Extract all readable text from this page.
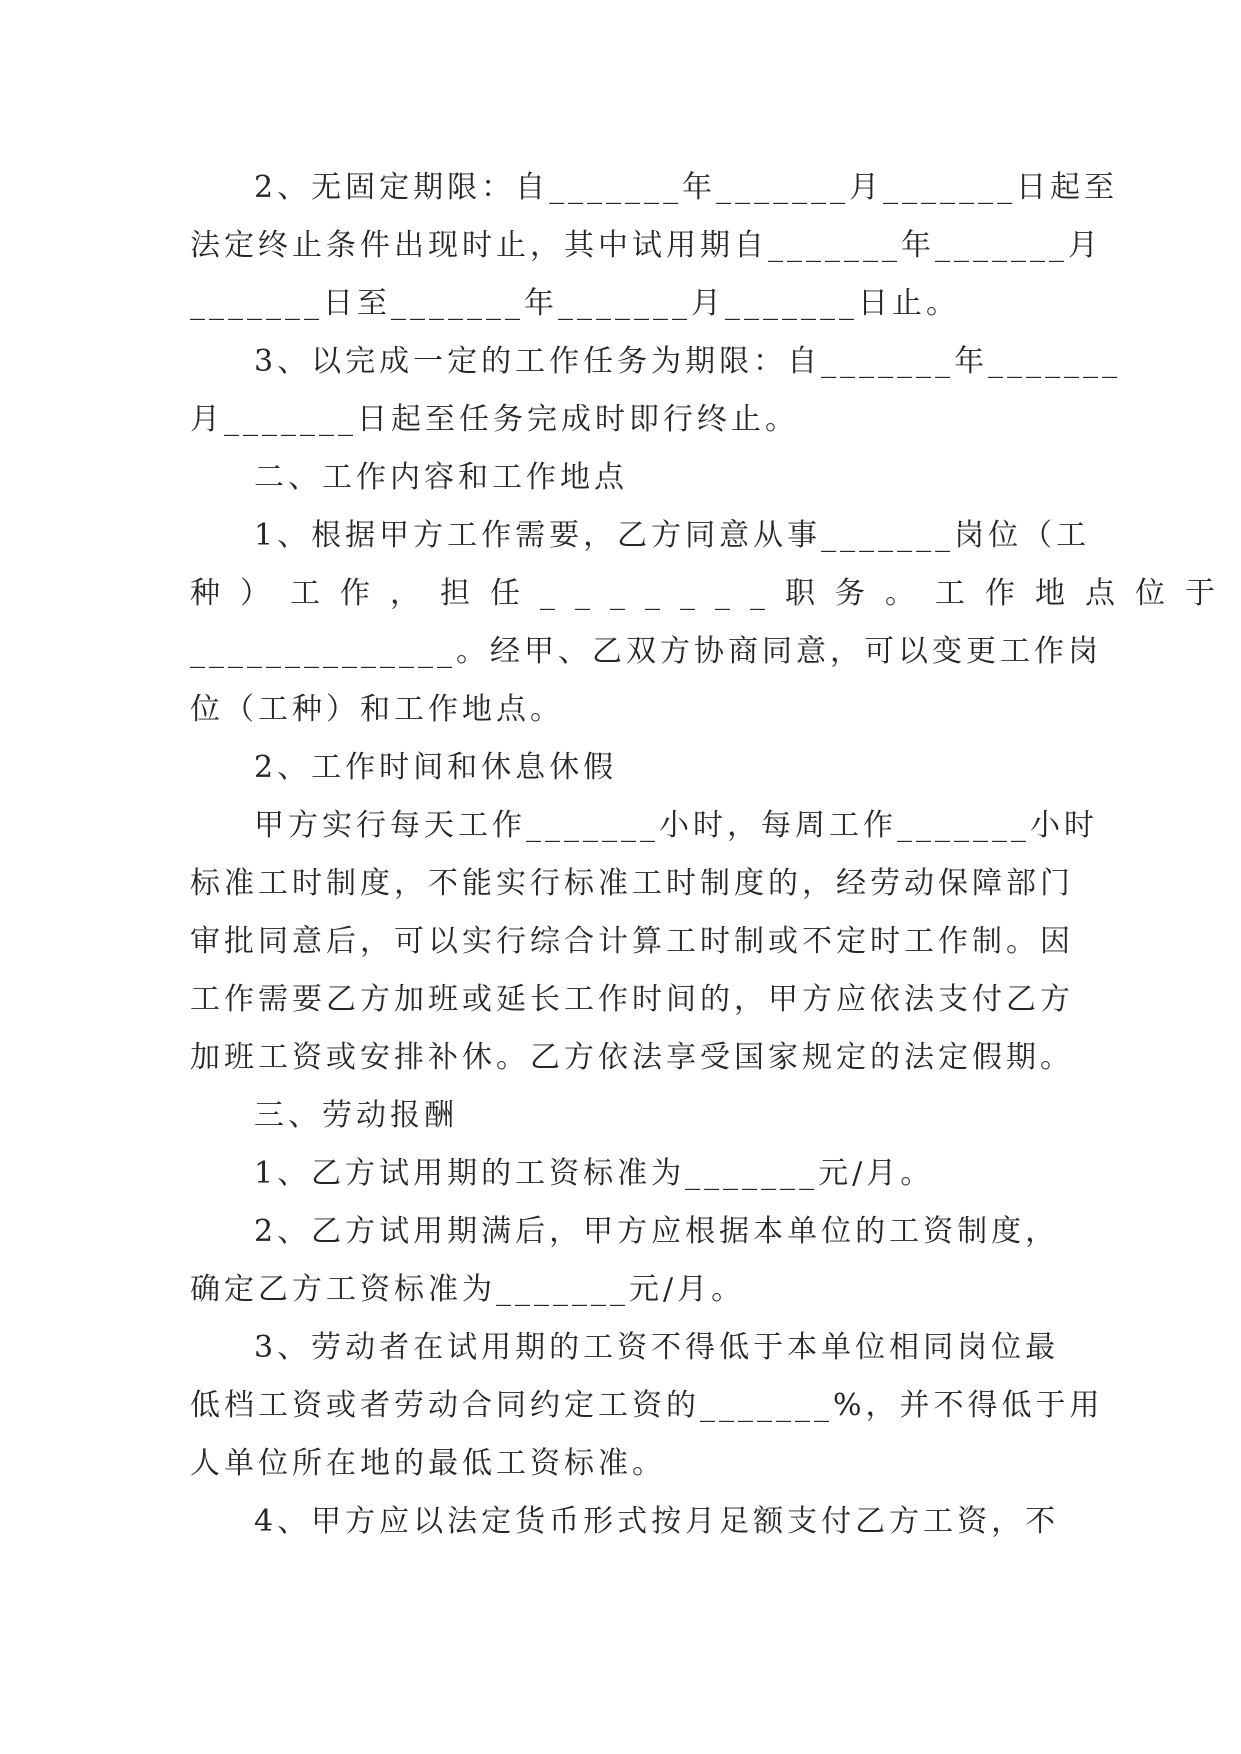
2、无固定期限：自_______年_______月_______日起至
法定终止条件出现时止，其中试用期自_______年_______月
_______日至_______年_______月_______日止。
3、以完成一定的工作任务为期限：自_______年_______
月_______日起至任务完成时即行终止。
二、工作内容和工作地点
1、根据甲方工作需要，乙方同意从事_______岗位（工
种）工作，担任_______职务。工作地点位于
______________。经甲、乙双方协商同意，可以变更工作岗
位（工种）和工作地点。
2、工作时间和休息休假
甲方实行每天工作_______小时，每周工作_______小时
标准工时制度，不能实行标准工时制度的，经劳动保障部门
审批同意后，可以实行综合计算工时制或不定时工作制。因
工作需要乙方加班或延长工作时间的，甲方应依法支付乙方
加班工资或安排补休。乙方依法享受国家规定的法定假期。
三、劳动报酬
1、乙方试用期的工资标准为_______元/月。
2、乙方试用期满后，甲方应根据本单位的工资制度，
确定乙方工资标准为_______元/月。
3、劳动者在试用期的工资不得低于本单位相同岗位最
低档工资或者劳动合同约定工资的_______%，并不得低于用
人单位所在地的最低工资标准。
4、甲方应以法定货币形式按月足额支付乙方工资，不
